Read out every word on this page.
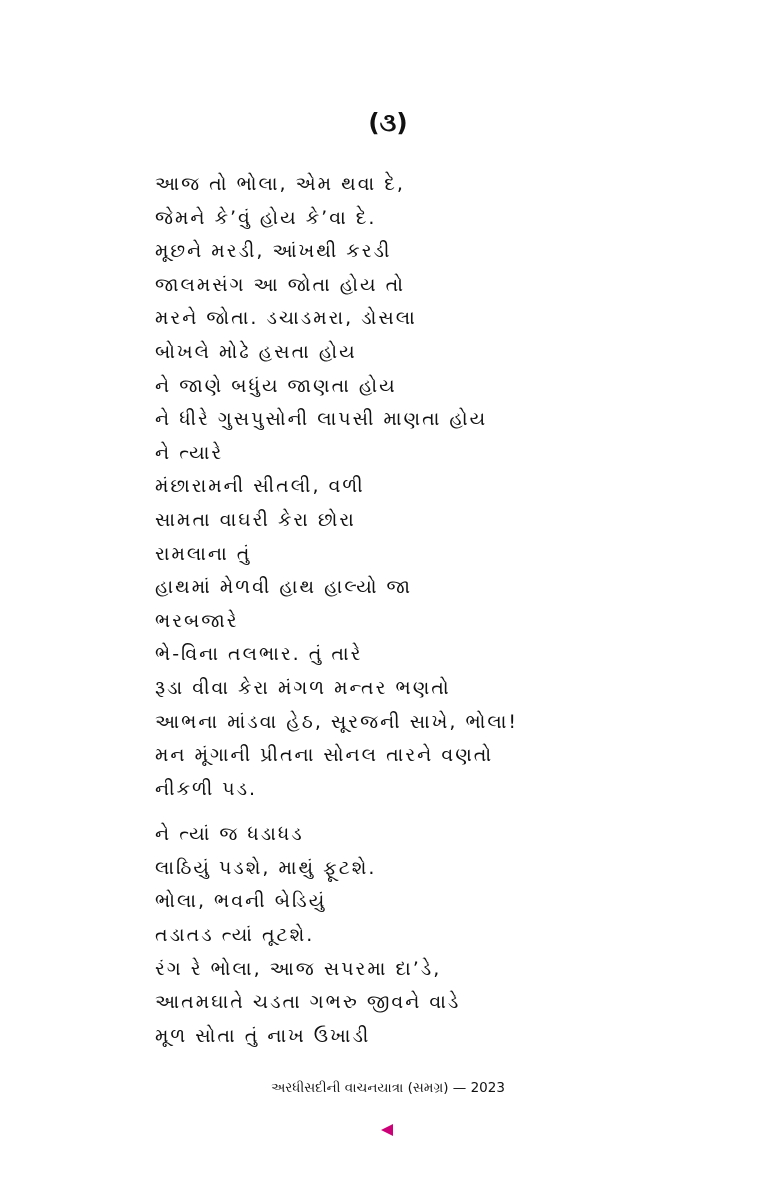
(૩)
આજ તો ભોલા, એમ થવા દે,
જેમને કે’વું હોય કે’વા દે.
મૂછને મરડી, આંખથી કરડી
જાલમસંગ આ જોતા હોય તો
મરને જોતા. ડચાડમરા, ડોસલા
બોખલે મોઢે હસતા હોય
ને જાણે બધુંય જાણતા હોય
ને ધીરે ગુસપુસોની લાપસી માણતા હોય
ને ત્યારે
મંછારામની સીતલી, વળી
સામતા વાઘરી કેરા છોરા
રામલાના તું
હાથમાં મેળવી હાથ હાલ્યો જા
ભરબજારે
ભે-વિના તલભાર. તું તારે
રૂડા વીવા કેરા મંગળ મન્તર ભણતો
આભના માંડવા હેઠ, સૂરજની સાખે, ભોલા!
મન મૂંગાની પ્રીતના સોનલ તારને વણતો
નીકળી પડ.
ને ત્યાં જ ધડાધડ
લાઠિયું પડશે, માથું ફૂટશે.
ભોલા, ભવની બેડિયું
તડાતડ ત્યાં તૂટશે.
રંગ રે ભોલા, આજ સપરમા દા’ડે,
આતમઘાતે ચડતા ગભરુ જીવને વાડે
મૂળ સોતા તું નાખ ઉખાડી
અરધીસદીની વાચનયાત્રા (સમગ્ર) — 2023
